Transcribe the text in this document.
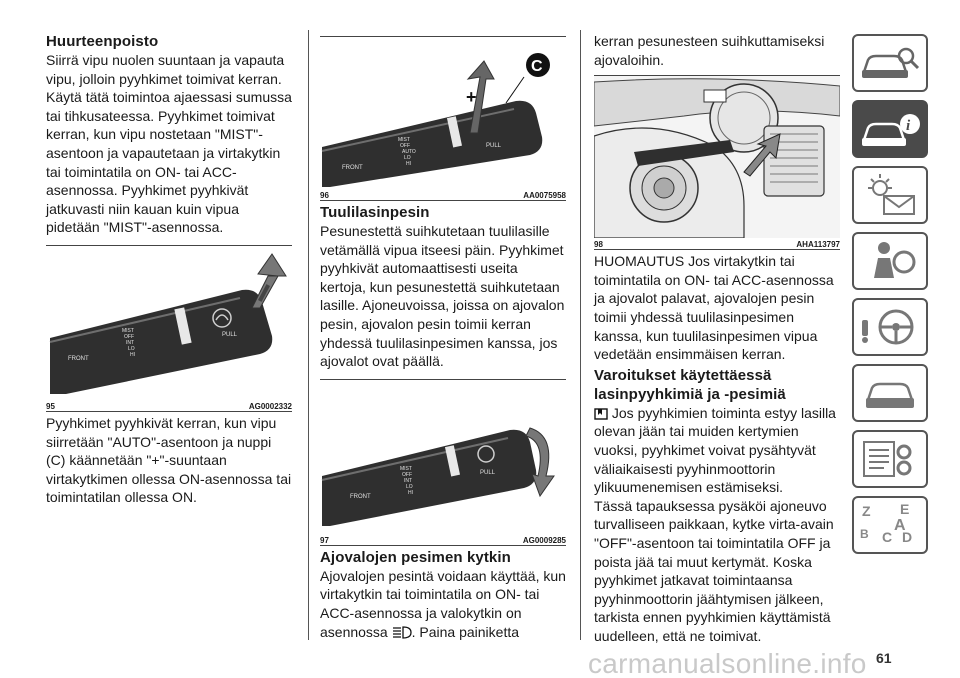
Huurteenpoisto

Siirrä vipu nuolen suuntaan ja vapauta vipu, jolloin pyyhkimet toimivat kerran. Käytä tätä toimintoa ajaessasi sumussa tai tihkusateessa. Pyyhkimet toimivat kerran, kun vipu nostetaan "MIST"-asentoon ja vapautetaan ja virtakytkin tai toimintatila on ON- tai ACC-asennossa. Pyyhkimet pyyhkivät jatkuvasti niin kauan kuin vipua pidetään "MIST"-asennossa.

FRONT
MIST
OFF
INT
LO
HI
PULL
95	AG0002332

Pyyhkimet pyyhkivät kerran, kun vipu siirretään "AUTO"-asentoon ja nuppi (C) käännetään "+"-suuntaan virtakytkimen ollessa ON-asennossa tai toimintatilan ollessa ON.

FRONT
MIST
OFF
AUTO
LO
HI
PULL
+
C
96	AA0075958
Tuulilasinpesin

Pesunestettä suihkutetaan tuulilasille vetämällä vipua itseesi päin. Pyyhkimet pyyhkivät automaattisesti useita kertoja, kun pesunestettä suihkutetaan lasille. Ajoneuvoissa, joissa on ajovalon pesin, ajovalon pesin toimii kerran yhdessä tuulilasinpesimen kanssa, jos ajovalot ovat päällä.

FRONT
MIST
OFF
INT
LO
HI
PULL
97	AG0009285
Ajovalojen pesimen kytkin

Ajovalojen pesintä voidaan käyttää, kun virtakytkin tai toimintatila on ON- tai ACC-asennossa ja valokytkin on asennossa . Paina painiketta

kerran pesunesteen suihkuttamiseksi ajovaloihin.

98	AHA113797

HUOMAUTUS Jos virtakytkin tai toimintatila on ON- tai ACC-asennossa ja ajovalot palavat, ajovalojen pesin toimii yhdessä tuulilasinpesimen kanssa, kun tuulilasinpesimen vipua vedetään ensimmäisen kerran.

Varoitukset käytettäessä lasinpyyhkimiä ja -pesimiä

Jos pyyhkimien toiminta estyy lasilla olevan jään tai muiden kertymien vuoksi, pyyhkimet voivat pysähtyvät väliaikaisesti pyyhinmoottorin ylikuumenemisen estämiseksi.

Tässä tapauksessa pysäköi ajoneuvo turvalliseen paikkaan, kytke virta-avain "OFF"-asentoon tai toimintatila OFF ja poista jää tai muut kertymät. Koska pyyhkimet jatkavat toimintaansa pyyhinmoottorin jäähtymisen jälkeen, tarkista ennen pyyhkimien käyttämistä uudelleen, että ne toimivat.

i
Z E
B C D
A
carmanualsonline.info 61
